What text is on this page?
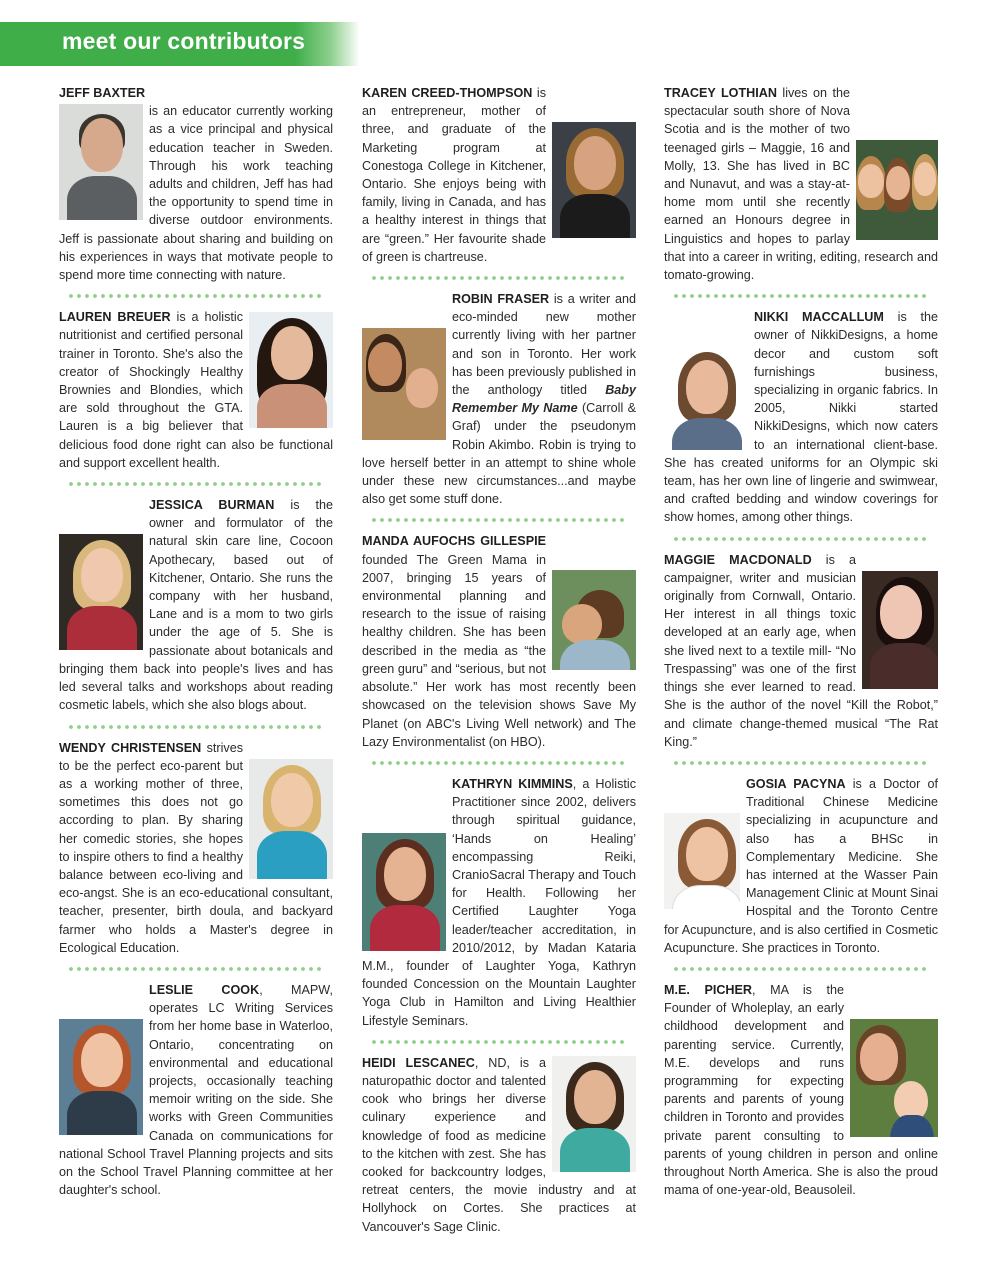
meet our contributors

JEFF BAXTER

is an educator currently working as a vice principal and physical education teacher in Sweden. Through his work teaching adults and children, Jeff has had the opportunity to spend time in diverse outdoor environments. Jeff is passionate about sharing and building on his experiences in ways that motivate people to spend more time connecting with nature.

LAUREN BREUER is a holistic nutritionist and certified personal trainer in Toronto. She's also the creator of Shockingly Healthy Brownies and Blondies, which are sold throughout the GTA. Lauren is a big believer that delicious food done right can also be functional and support excellent health.

JESSICA BURMAN is the owner and formulator of the natural skin care line, Cocoon Apothecary, based out of Kitchener, Ontario. She runs the company with her husband, Lane and is a mom to two girls under the age of 5. She is passionate about botanicals and bringing them back into people's lives and has led several talks and workshops about reading cosmetic labels, which she also blogs about.

WENDY CHRISTENSEN strives to be the perfect eco-parent but as a working mother of three, sometimes this does not go according to plan. By sharing her comedic stories, she hopes to inspire others to find a healthy balance between eco-living and eco-angst. She is an eco-educational consultant, teacher, presenter, birth doula, and backyard farmer who holds a Master's degree in Ecological Education.

LESLIE COOK, MAPW, operates LC Writing Services from her home base in Waterloo, Ontario, concentrating on environmental and educational projects, occasionally teaching memoir writing on the side. She works with Green Communities Canada on communications for national School Travel Planning projects and sits on the School Travel Planning committee at her daughter's school.

KAREN CREED-THOMPSON is an entrepreneur, mother of three, and graduate of the Marketing program at Conestoga College in Kitchener, Ontario. She enjoys being with family, living in Canada, and has a healthy interest in things that are “green.” Her favourite shade of green is chartreuse.

ROBIN FRASER is a writer and eco-minded new mother currently living with her partner and son in Toronto. Her work has been previously published in the anthology titled Baby Remember My Name (Carroll & Graf) under the pseudonym Robin Akimbo. Robin is trying to love herself better in an attempt to shine whole under these new circumstances...and maybe also get some stuff done.

MANDA AUFOCHS GILLESPIE founded The Green Mama in 2007, bringing 15 years of environmental planning and research to the issue of raising healthy children. She has been described in the media as “the green guru” and “serious, but not absolute.” Her work has most recently been showcased on the television shows Save My Planet (on ABC's Living Well network) and The Lazy Environmentalist (on HBO).

KATHRYN KIMMINS, a Holistic Practitioner since 2002, delivers through spiritual guidance, ‘Hands on Healing’ encompassing Reiki, CranioSacral Therapy and Touch for Health. Following her Certified Laughter Yoga leader/teacher accreditation, in 2010/2012, by Madan Kataria M.M., founder of Laughter Yoga, Kathryn founded Concession on the Mountain Laughter Yoga Club in Hamilton and Living Healthier Lifestyle Seminars.

HEIDI LESCANEC, ND, is a naturopathic doctor and talented cook who brings her diverse culinary experience and knowledge of food as medicine to the kitchen with zest. She has cooked for backcountry lodges, retreat centers, the movie industry and at Hollyhock on Cortes. She practices at Vancouver's Sage Clinic.

TRACEY LOTHIAN lives on the spectacular south shore of Nova Scotia and is the mother of two teenaged girls – Maggie, 16 and Molly, 13. She has lived in BC and Nunavut, and was a stay-at-home mom until she recently earned an Honours degree in Linguistics and hopes to parlay that into a career in writing, editing, research and tomato-growing.

NIKKI MACCALLUM is the owner of NikkiDesigns, a home decor and custom soft furnishings business, specializing in organic fabrics. In 2005, Nikki started NikkiDesigns, which now caters to an international client-base. She has created uniforms for an Olympic ski team, has her own line of lingerie and swimwear, and crafted bedding and window coverings for show homes, among other things.

MAGGIE MACDONALD is a campaigner, writer and musician originally from Cornwall, Ontario. Her interest in all things toxic developed at an early age, when she lived next to a textile mill- “No Trespassing” was one of the first things she ever learned to read. She is the author of the novel “Kill the Robot,” and climate change-themed musical “The Rat King.”

GOSIA PACYNA is a Doctor of Traditional Chinese Medicine specializing in acupuncture and also has a BHSc in Complementary Medicine. She has interned at the Wasser Pain Management Clinic at Mount Sinai Hospital and the Toronto Centre for Acupuncture, and is also certified in Cosmetic Acupuncture. She practices in Toronto.

M.E. PICHER, MA is the Founder of Wholeplay, an early childhood development and parenting service. Currently, M.E. develops and runs programming for expecting parents and parents of young children in Toronto and provides private parent consulting to parents of young children in person and online throughout North America. She is also the proud mama of one-year-old, Beausoleil.
